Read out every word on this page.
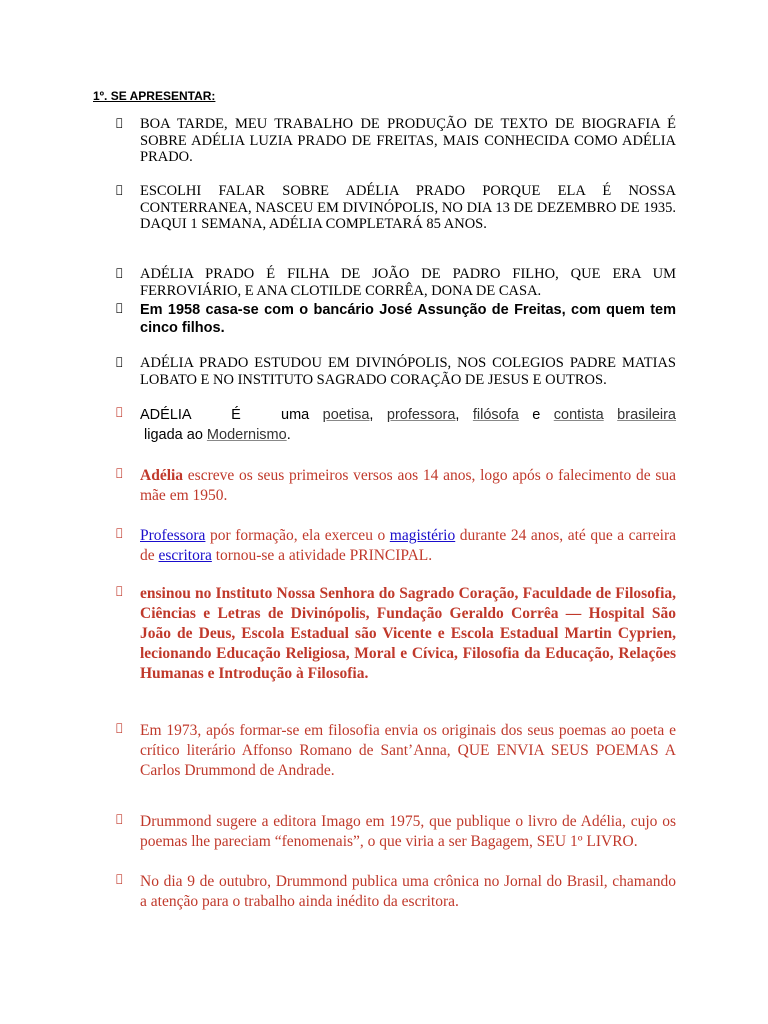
1º. SE APRESENTAR:
BOA TARDE, MEU TRABALHO DE PRODUÇÃO DE TEXTO DE BIOGRAFIA É SOBRE ADÉLIA LUZIA PRADO DE FREITAS, MAIS CONHECIDA COMO ADÉLIA PRADO.
ESCOLHI FALAR SOBRE ADÉLIA PRADO PORQUE ELA É NOSSA CONTERRANEA, NASCEU EM DIVINÓPOLIS, NO DIA 13 DE DEZEMBRO DE 1935. DAQUI 1 SEMANA, ADÉLIA COMPLETARÁ 85 ANOS.
ADÉLIA PRADO É FILHA DE JOÃO DE PADRO FILHO, QUE ERA UM FERROVIÁRIO, E ANA CLOTILDE CORRÊA, DONA DE CASA.
Em 1958 casa-se com o bancário José Assunção de Freitas, com quem tem cinco filhos.
ADÉLIA PRADO ESTUDOU EM DIVINÓPOLIS, NOS COLEGIOS PADRE MATIAS LOBATO E NO INSTITUTO SAGRADO CORAÇÃO DE JESUS E OUTROS.
ADÉLIA   É   uma poetisa, professora, filósofa e contista brasileira ligada ao Modernismo.
Adélia escreve os seus primeiros versos aos 14 anos, logo após o falecimento de sua mãe em 1950.
Professora por formação, ela exerceu o magistério durante 24 anos, até que a carreira de escritora tornou-se a atividade PRINCIPAL.
ensinou no Instituto Nossa Senhora do Sagrado Coração, Faculdade de Filosofia, Ciências e Letras de Divinópolis, Fundação Geraldo Corrêa — Hospital São João de Deus, Escola Estadual são Vicente e Escola Estadual Martin Cyprien, lecionando Educação Religiosa, Moral e Cívica, Filosofia da Educação, Relações Humanas e Introdução à Filosofia.
Em 1973, após formar-se em filosofia envia os originais dos seus poemas ao poeta e crítico literário Affonso Romano de Sant’Anna, QUE ENVIA SEUS POEMAS A Carlos Drummond de Andrade.
Drummond sugere a editora Imago em 1975, que publique o livro de Adélia, cujo os poemas lhe pareciam “fenomenais”, o que viria a ser Bagagem, SEU 1º LIVRO.
No dia 9 de outubro, Drummond publica uma crônica no Jornal do Brasil, chamando a atenção para o trabalho ainda inédito da escritora.
